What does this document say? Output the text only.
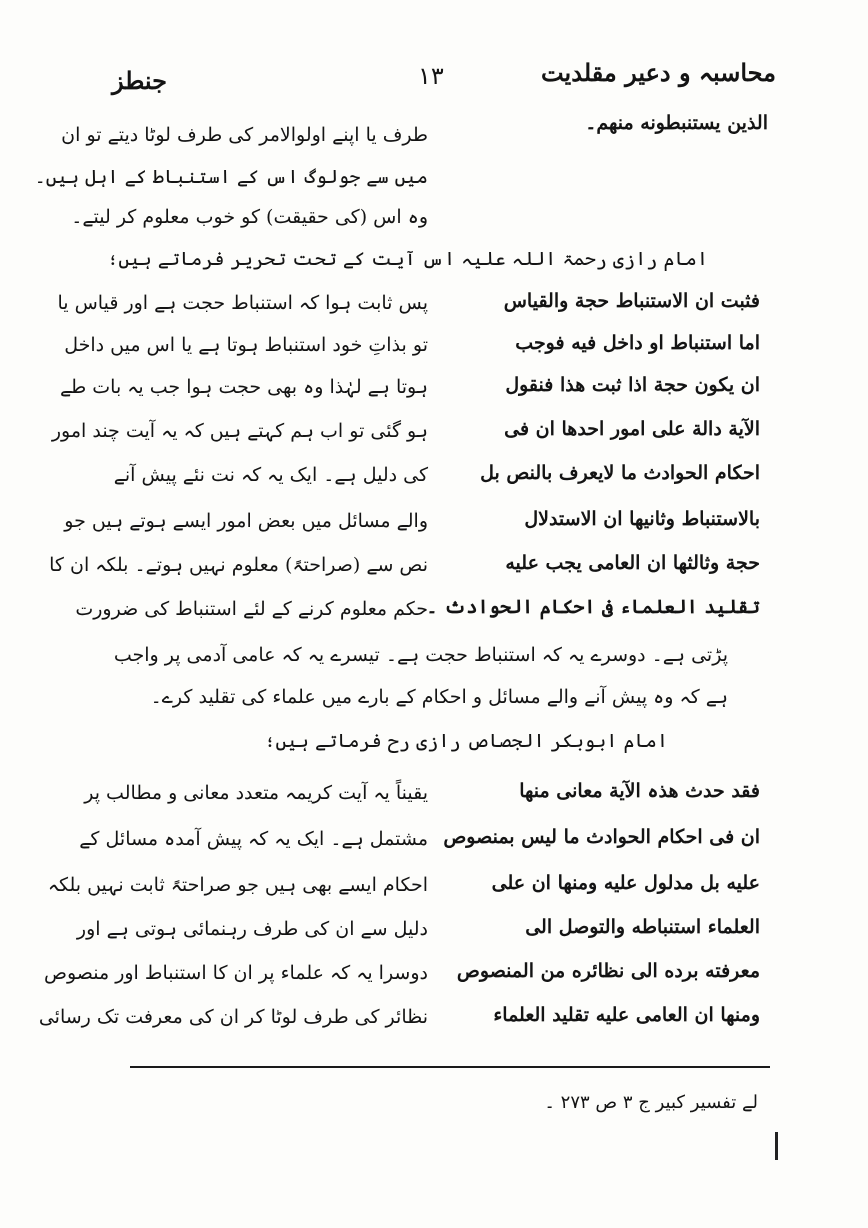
محاسبہ و دعیر مقلدیت
١٣
جنطز
الذین یستنبطونه منھم۔
طرف یا اپنے اولوالامر کی طرف لوٹا دیتے تو ان
میں سے جولوگ اس کے استنباط کے اہل ہیں۔
وہ اس (کی حقیقت) کو خوب معلوم کر لیتے۔
امام رازی رحمۃ اللہ علیہ اس آیت کے تحت تحریر فرماتے ہیں؛
فثبت ان الاستنباط حجة والقیاس
اما استنباط او داخل فیه فوجب
ان یکون حجة اذا ثبت ھذا فنقول
الآیة دالة علی امور احدھا ان فی
احکام الحوادث ما لایعرف بالنص بل
بالاستنباط وثانیھا ان الاستدلال
حجة وثالثھا ان العامی یجب علیه
تقلید العلماء فی احکام الحوادث ۔
پس ثابت ہوا کہ استنباط حجت ہے اور قیاس یا
تو بذاتِ خود استنباط ہوتا ہے یا اس میں داخل
ہوتا ہے لہٰذا وہ بھی حجت ہوا جب یہ بات طے
ہو گئی تو اب ہم کہتے ہیں کہ یہ آیت چند امور
کی دلیل ہے۔ ایک یہ کہ نت نئے پیش آنے
والے مسائل میں بعض امور ایسے ہوتے ہیں جو
نص سے (صراحتہً) معلوم نہیں ہوتے۔ بلکہ ان کا
حکم معلوم کرنے کے لئے استنباط کی ضرورت
پڑتی ہے۔ دوسرے یہ کہ استنباط حجت ہے۔ تیسرے یہ کہ عامی آدمی پر واجب
ہے کہ وہ پیش آنے والے مسائل و احکام کے بارے میں علماء کی تقلید کرے۔
امام ابوبکر الجصاص رازی رح فرماتے ہیں؛
فقد حدث ھذہ الآیة معانی منھا
ان فی احکام الحوادث ما لیس بمنصوص
علیه بل مدلول علیه ومنھا ان علی
العلماء استنباطه والتوصل الی
معرفته برده الی نظائره من المنصوص
ومنھا ان العامی علیه تقلید العلماء
یقیناً یہ آیت کریمہ متعدد معانی و مطالب پر
مشتمل ہے۔ ایک یہ کہ پیش آمدہ مسائل کے
احکام ایسے بھی ہیں جو صراحتہً ثابت نہیں بلکہ
دلیل سے ان کی طرف رہنمائی ہوتی ہے اور
دوسرا یہ کہ علماء پر ان کا استنباط اور منصوص
نظائر کی طرف لوٹا کر ان کی معرفت تک رسائی
لے تفسیر کبیر ج ۳ ص ۲۷۳ ۔
